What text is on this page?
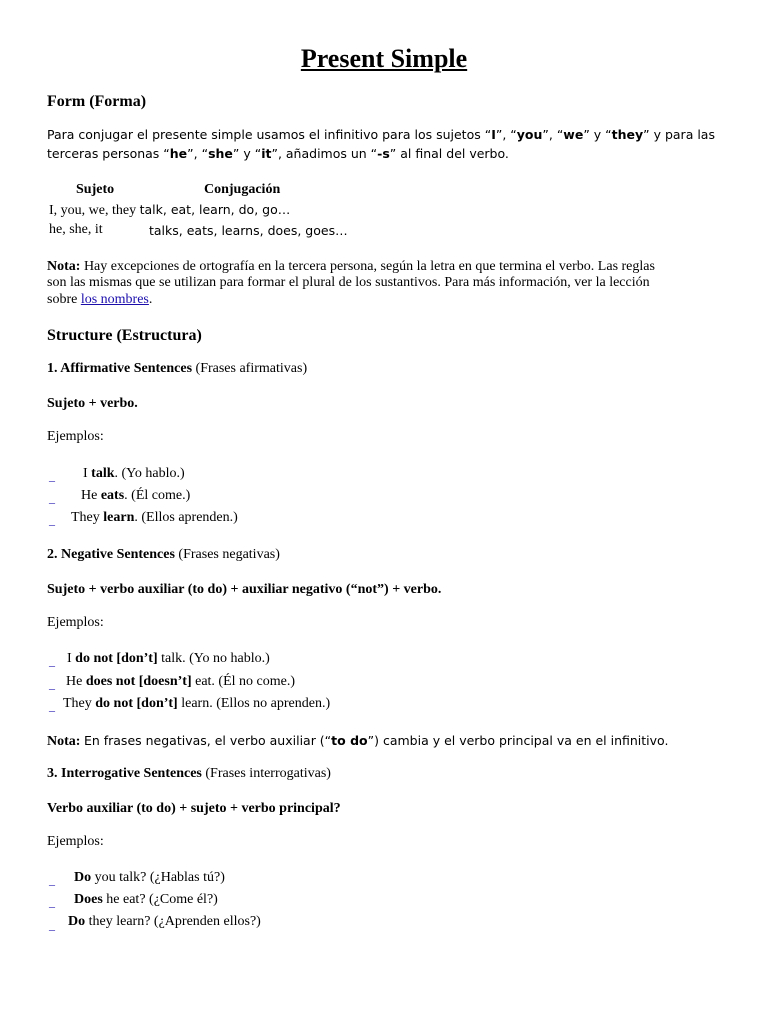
Present Simple
Form (Forma)
Para conjugar el presente simple usamos el infinitivo para los sujetos “I”, “you”, “we” y “they” y para las
terceras personas “he”, “she” y “it”, añadimos un “-s” al final del verbo.
Sujeto	Conjugación
I, you, we, they talk, eat, learn, do, go…
he, she, it	talks, eats, learns, does, goes…
Nota: Hay excepciones de ortografía en la tercera persona, según la letra en que termina el verbo. Las reglas
son las mismas que se utilizan para formar el plural de los sustantivos. Para más información, ver la lección
sobre los nombres.
Structure (Estructura)
1. Affirmative Sentences (Frases afirmativas)
Sujeto + verbo.
Ejemplos:
_ I talk. (Yo hablo.)
_ He eats. (Él come.)
_ They learn. (Ellos aprenden.)
2. Negative Sentences (Frases negativas)
Sujeto + verbo auxiliar (to do) + auxiliar negativo (“not”) + verbo.
Ejemplos:
_ I do not [don’t] talk. (Yo no hablo.)
_ He does not [doesn’t] eat. (Él no come.)
_ They do not [don’t] learn. (Ellos no aprenden.)
Nota: En frases negativas, el verbo auxiliar (“to do”) cambia y el verbo principal va en el infinitivo.
3. Interrogative Sentences (Frases interrogativas)
Verbo auxiliar (to do) + sujeto + verbo principal?
Ejemplos:
_ Do you talk? (¿Hablas tú?)
_ Does he eat? (¿Come él?)
_ Do they learn? (¿Aprenden ellos?)
